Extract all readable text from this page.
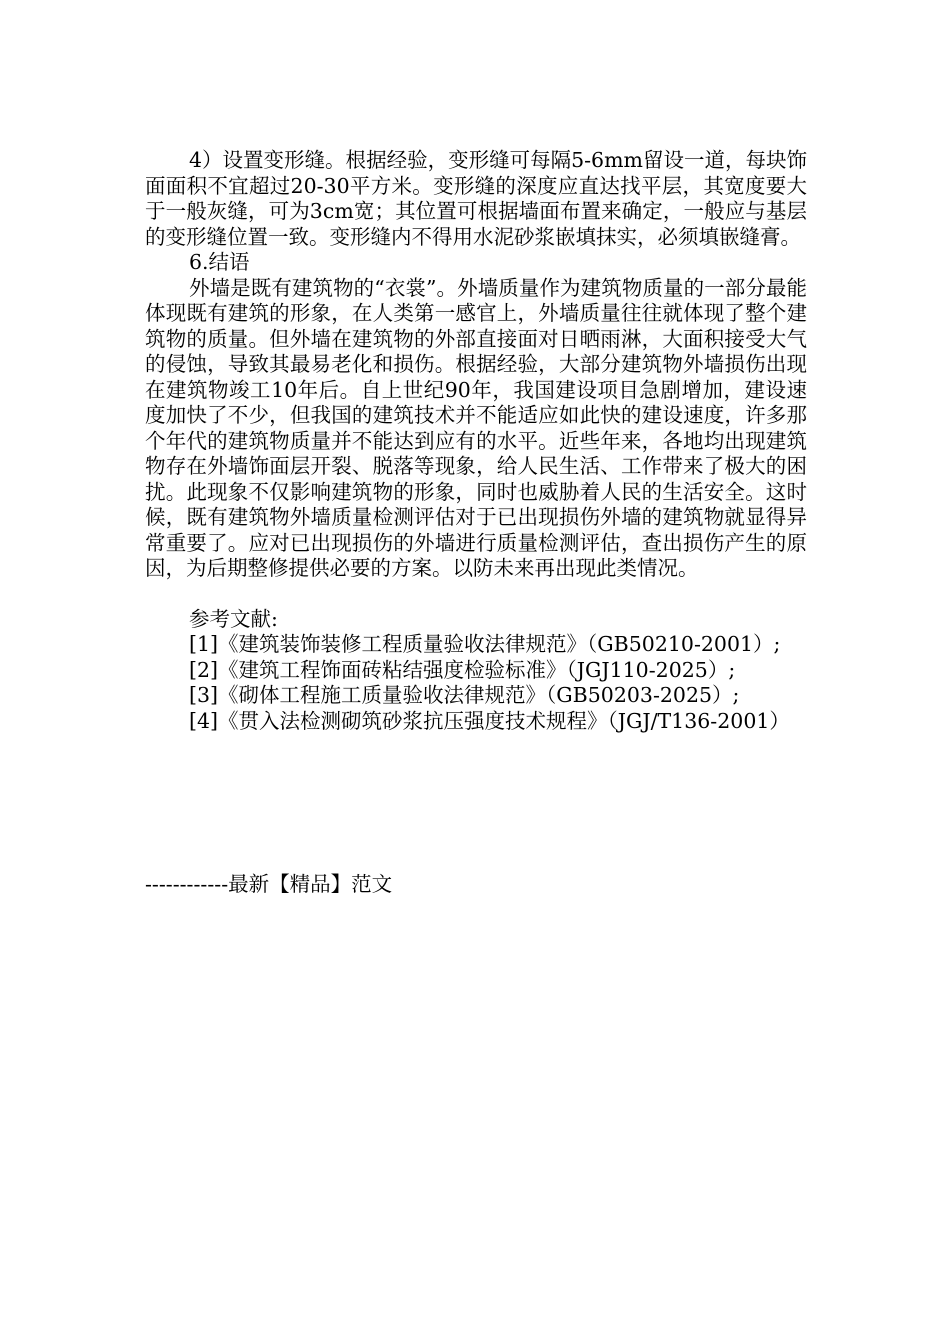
4）设置变形缝。根据经验，变形缝可每隔5-6mm留设一道，每块饰面面积不宜超过20-30平方米。变形缝的深度应直达找平层，其宽度要大于一般灰缝，可为3cm宽；其位置可根据墙面布置来确定，一般应与基层的变形缝位置一致。变形缝内不得用水泥砂浆嵌填抹实，必须填嵌缝膏。

6.结语

外墙是既有建筑物的“衣裳”。外墙质量作为建筑物质量的一部分最能体现既有建筑的形象，在人类第一感官上，外墙质量往往就体现了整个建筑物的质量。但外墙在建筑物的外部直接面对日晒雨淋，大面积接受大气的侵蚀，导致其最易老化和损伤。根据经验，大部分建筑物外墙损伤出现在建筑物竣工10年后。自上世纪90年，我国建设项目急剧增加，建设速度加快了不少，但我国的建筑技术并不能适应如此快的建设速度，许多那个年代的建筑物质量并不能达到应有的水平。近些年来，各地均出现建筑物存在外墙饰面层开裂、脱落等现象，给人民生活、工作带来了极大的困扰。此现象不仅影响建筑物的形象，同时也威胁着人民的生活安全。这时候，既有建筑物外墙质量检测评估对于已出现损伤外墙的建筑物就显得异常重要了。应对已出现损伤的外墙进行质量检测评估，查出损伤产生的原因，为后期整修提供必要的方案。以防未来再出现此类情况。

参考文献:

[1]《建筑装饰装修工程质量验收法律规范》（GB50210-2001）;

[2]《建筑工程饰面砖粘结强度检验标准》（JGJ110-2025）;

[3]《砌体工程施工质量验收法律规范》（GB50203-2025）;

[4]《贯入法检测砌筑砂浆抗压强度技术规程》（JGJ/T136-2001）

------------最新【精品】范文
